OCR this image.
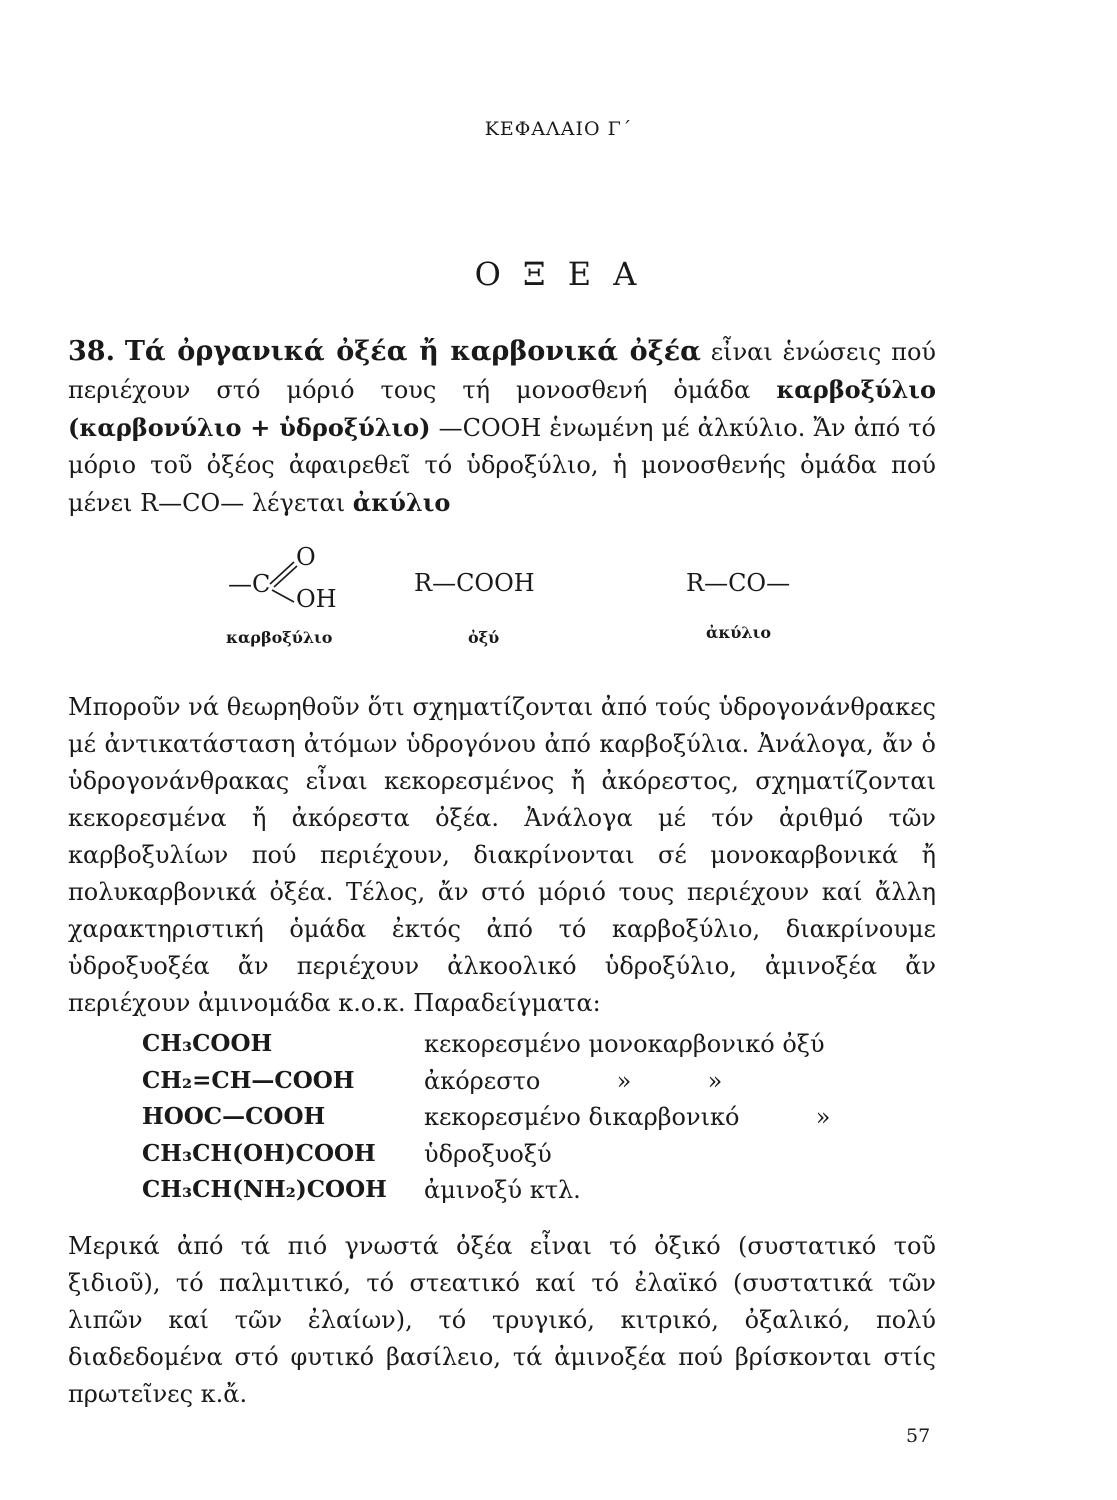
ΚΕΦΑΛΑΙΟ Γ΄
Ο Ξ Ε Α

38. Τά ὀργανικά ὀξέα ἤ καρβονικά ὀξέα εἶναι ἑνώσεις πού περιέχουν στό μόριό τους τή μονοσθενή ὁμάδα καρβοξύλιο (καρβονύλιο + ὑδροξύλιο) —COOH ἑνωμένη μέ ἀλκύλιο. Ἄν ἀπό τό μόριο τοῦ ὀξέος ἀφαιρεθεῖ τό ὑδροξύλιο, ἡ μονοσθενής ὁμάδα πού μένει R—CO— λέγεται ἀκύλιο

—C
O
OH
καρβοξύλιο
R—COOH
ὀξύ
R—CO—
ἀκύλιο

Μποροῦν νά θεωρηθοῦν ὅτι σχηματίζονται ἀπό τούς ὑδρογονάνθρακες μέ ἀντικατάσταση ἀτόμων ὑδρογόνου ἀπό καρβοξύλια. Ἀνάλογα, ἄν ὁ ὑδρογονάνθρακας εἶναι κεκορεσμένος ἤ ἀκόρεστος, σχηματίζονται κεκορεσμένα ἤ ἀκόρεστα ὀξέα. Ἀνάλογα μέ τόν ἀριθμό τῶν καρβοξυλίων πού περιέχουν, διακρίνονται σέ μονοκαρβονικά ἤ πολυκαρβονικά ὀξέα. Τέλος, ἄν στό μόριό τους περιέχουν καί ἄλλη χαρακτηριστική ὁμάδα ἐκτός ἀπό τό καρβοξύλιο, διακρίνουμε ὑδροξυοξέα ἄν περιέχουν ἀλκοολικό ὑδροξύλιο, ἀμινοξέα ἄν περιέχουν ἀμινομάδα κ.ο.κ. Παραδείγματα:

CH₃COOH	κεκορεσμένο μονοκαρβονικό ὀξύ
CH₂=CH—COOH	ἀκόρεστο          »          »
HOOC—COOH	κεκορεσμένο δικαρβονικό          »
CH₃CH(OH)COOH ὑδροξυοξύ
CH₃CH(NH₂)COOH ἀμινοξύ κτλ.

Μερικά ἀπό τά πιό γνωστά ὀξέα εἶναι τό ὀξικό (συστατικό τοῦ ξιδιοῦ), τό παλμιτικό, τό στεατικό καί τό ἐλαϊκό (συστατικά τῶν λιπῶν καί τῶν ἐλαίων), τό τρυγικό, κιτρικό, ὀξαλικό, πολύ διαδεδομένα στό φυτικό βασίλειο, τά ἀμινοξέα πού βρίσκονται στίς πρωτεῖνες κ.ἄ.

57
